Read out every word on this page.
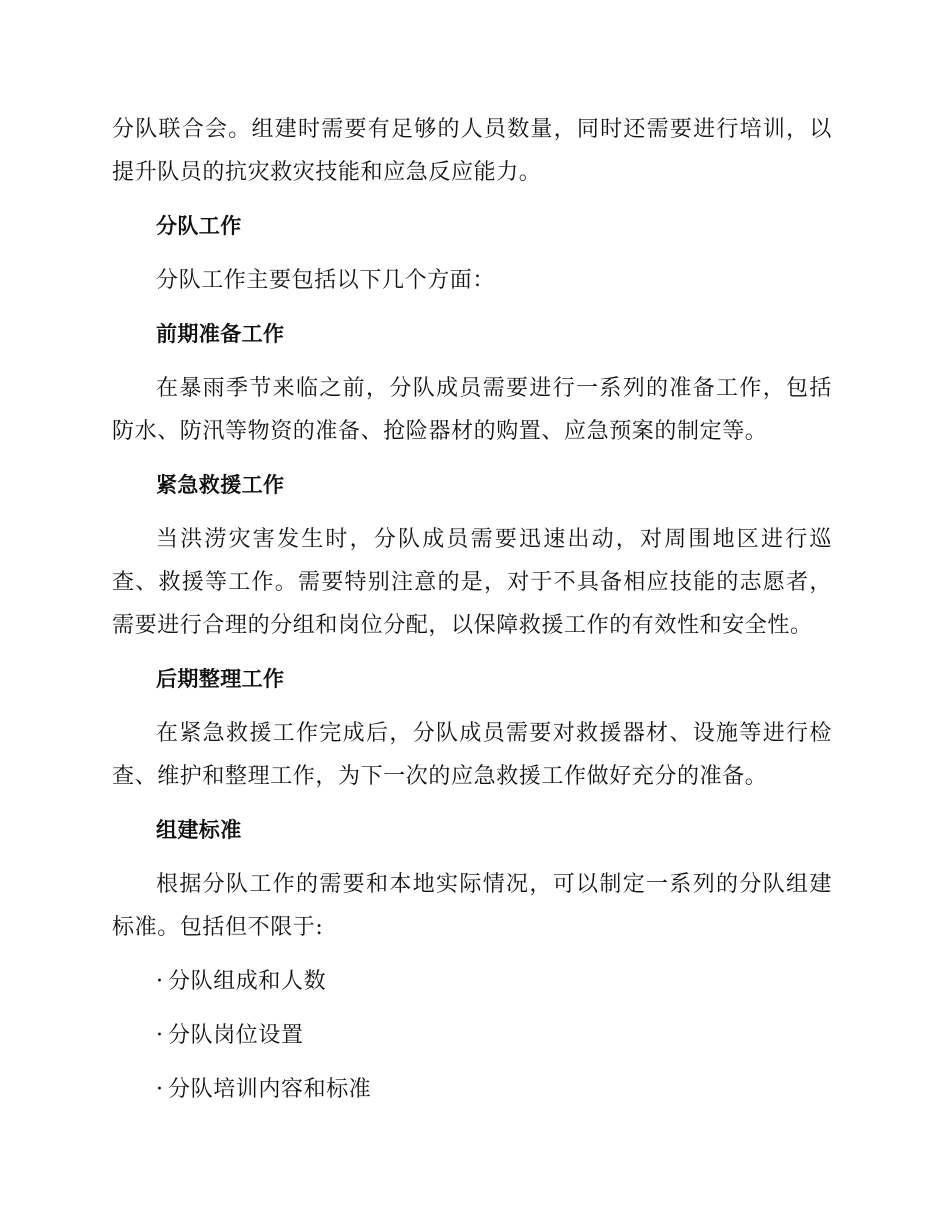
分队联合会。组建时需要有足够的人员数量，同时还需要进行培训，以提升队员的抗灾救灾技能和应急反应能力。

分队工作

分队工作主要包括以下几个方面：

前期准备工作

在暴雨季节来临之前，分队成员需要进行一系列的准备工作，包括防水、防汛等物资的准备、抢险器材的购置、应急预案的制定等。

紧急救援工作

当洪涝灾害发生时，分队成员需要迅速出动，对周围地区进行巡查、救援等工作。需要特别注意的是，对于不具备相应技能的志愿者，需要进行合理的分组和岗位分配，以保障救援工作的有效性和安全性。

后期整理工作

在紧急救援工作完成后，分队成员需要对救援器材、设施等进行检查、维护和整理工作，为下一次的应急救援工作做好充分的准备。

组建标准

根据分队工作的需要和本地实际情况，可以制定一系列的分队组建标准。包括但不限于:

· 分队组成和人数

· 分队岗位设置

· 分队培训内容和标准
